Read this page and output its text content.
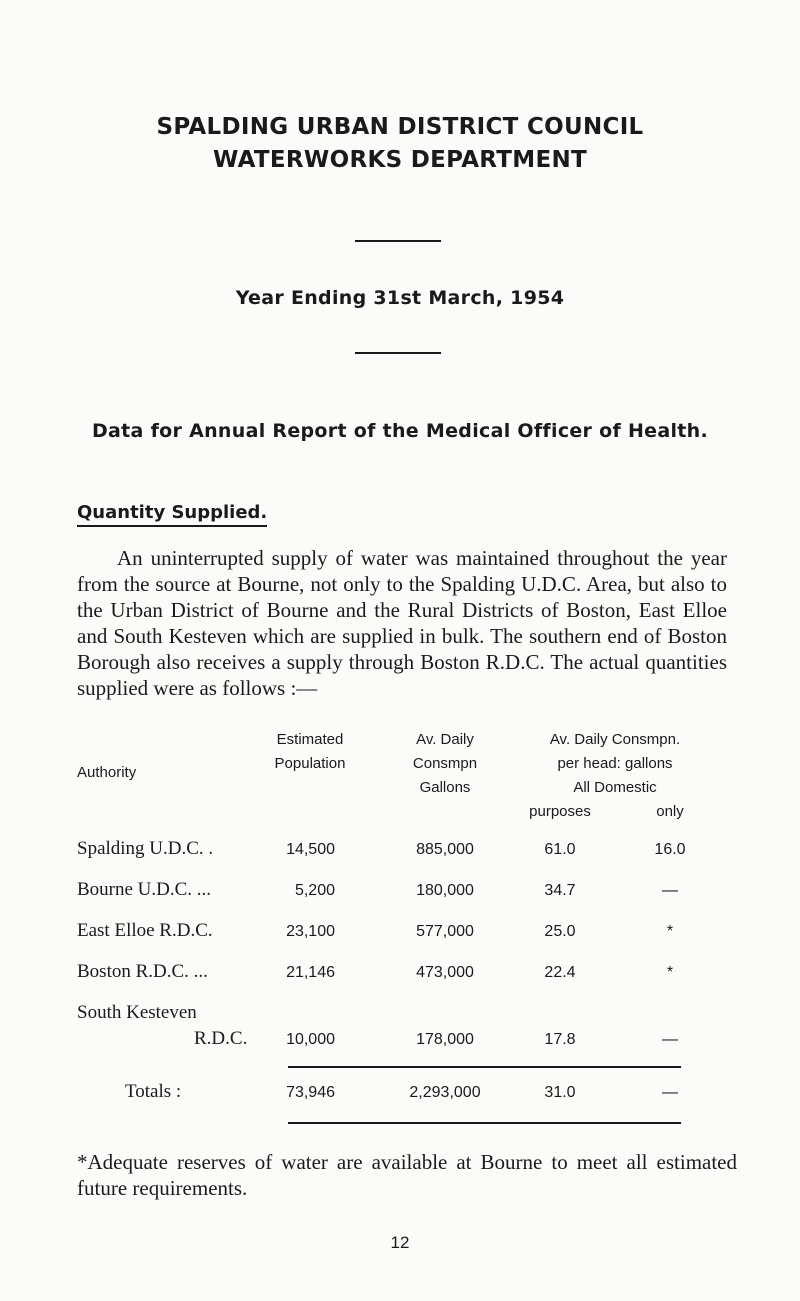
SPALDING URBAN DISTRICT COUNCIL
WATERWORKS DEPARTMENT
Year Ending 31st March, 1954
Data for Annual Report of the Medical Officer of Health.
Quantity Supplied.
An uninterrupted supply of water was maintained throughout the year from the source at Bourne, not only to the Spalding U.D.C. Area, but also to the Urban District of Bourne and the Rural Districts of Boston, East Elloe and South Kesteven which are supplied in bulk. The southern end of Boston Borough also receives a supply through Boston R.D.C. The actual quantities supplied were as follows :—
Estimated
Population
Av. Daily
Consmpn
Gallons
Av. Daily Consmpn.
per head: gallons
All Domestic
purposes	only
Authority
Spalding U.D.C. .	14,500	885,000	61.0	16.0
Bourne U.D.C. ...	5,200	180,000	34.7	—
East Elloe R.D.C.	23,100	577,000	25.0	*
Boston R.D.C. ...	21,146	473,000	22.4	*
South Kesteven
R.D.C.	10,000	178,000	17.8	—
Totals :	73,946	2,293,000	31.0	—
*Adequate reserves of water are available at Bourne to meet all estimated future requirements.
12
